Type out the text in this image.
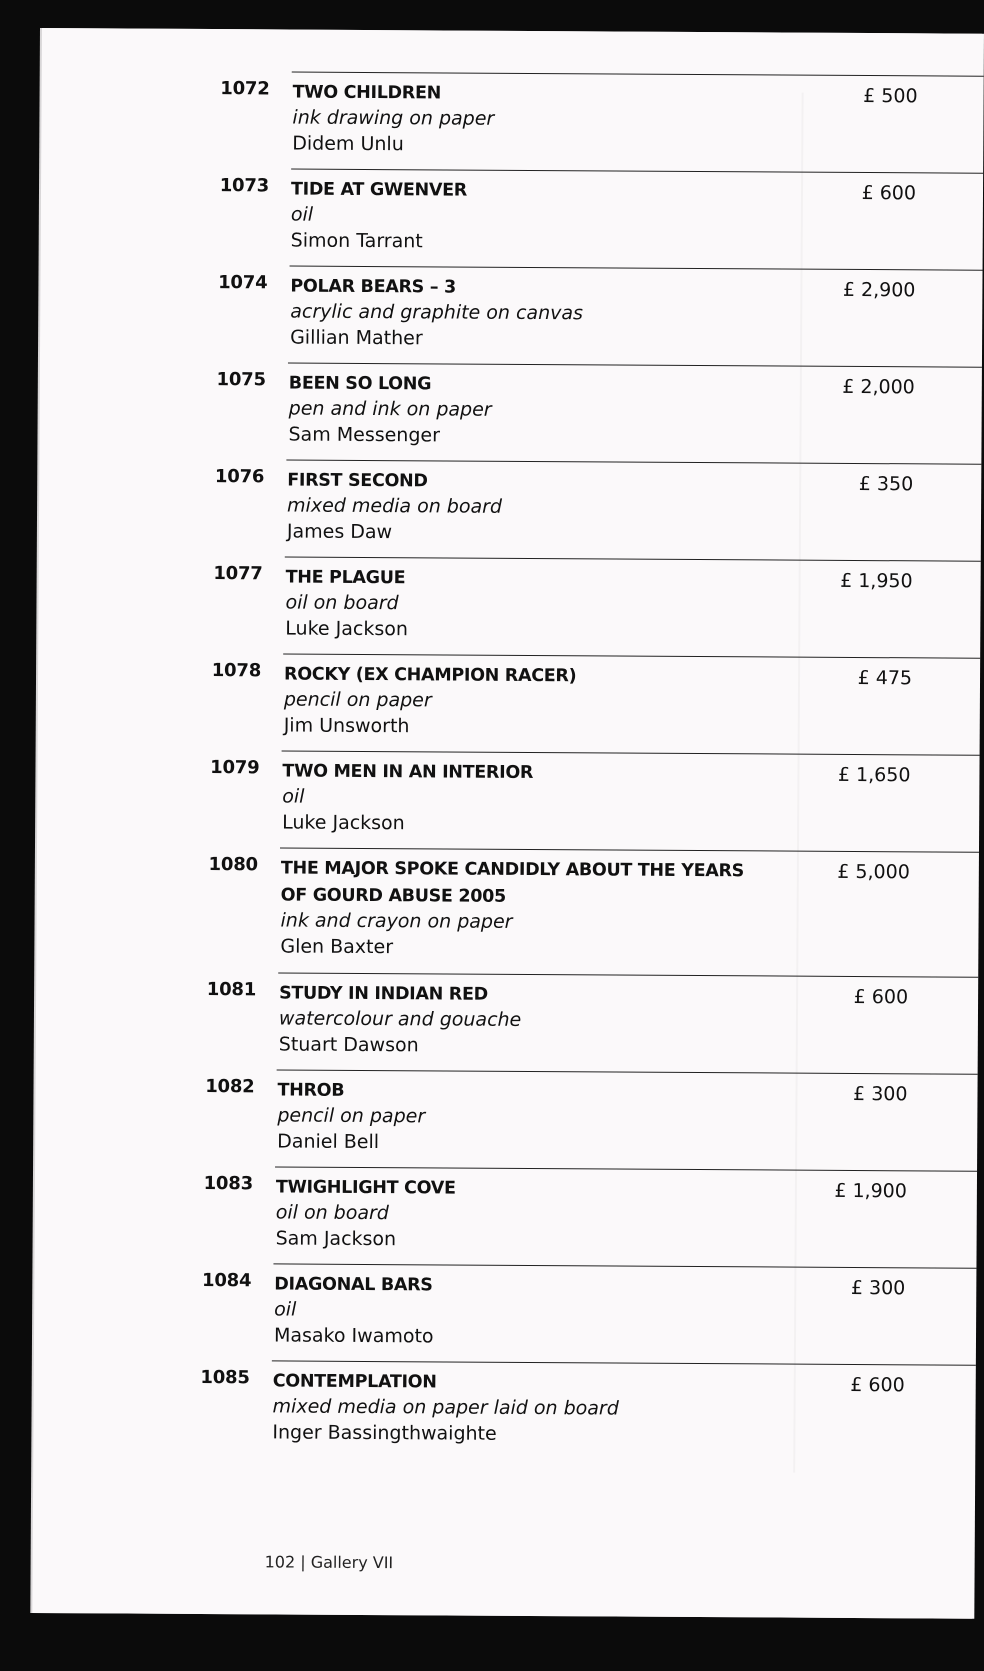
1072 TWO CHILDREN
ink drawing on paper
Didem Unlu
£ 500
1073 TIDE AT GWENVER
oil
Simon Tarrant
£ 600
1074 POLAR BEARS – 3
acrylic and graphite on canvas
Gillian Mather
£ 2,900
1075 BEEN SO LONG
pen and ink on paper
Sam Messenger
£ 2,000
1076 FIRST SECOND
mixed media on board
James Daw
£ 350
1077 THE PLAGUE
oil on board
Luke Jackson
£ 1,950
1078 ROCKY (EX CHAMPION RACER)
pencil on paper
Jim Unsworth
£ 475
1079 TWO MEN IN AN INTERIOR
oil
Luke Jackson
£ 1,650
1080 THE MAJOR SPOKE CANDIDLY ABOUT THE YEARS OF GOURD ABUSE 2005
ink and crayon on paper
Glen Baxter
£ 5,000
1081 STUDY IN INDIAN RED
watercolour and gouache
Stuart Dawson
£ 600
1082 THROB
pencil on paper
Daniel Bell
£ 300
1083 TWIGHLIGHT COVE
oil on board
Sam Jackson
£ 1,900
1084 DIAGONAL BARS
oil
Masako Iwamoto
£ 300
1085 CONTEMPLATION
mixed media on paper laid on board
Inger Bassingthwaighte
£ 600
102 | Gallery VII
